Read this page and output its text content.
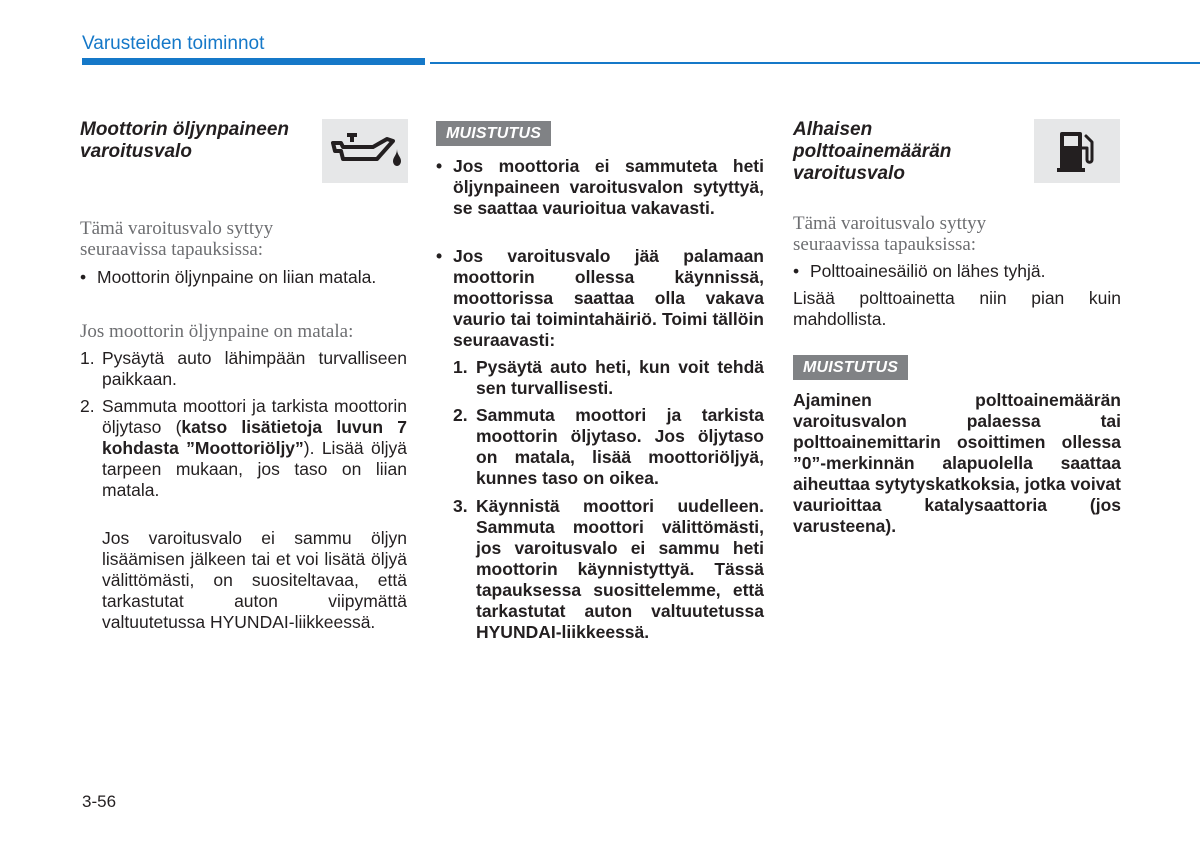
Varusteiden toiminnot
Moottorin öljynpaineen
varoitusvalo
Tämä varoitusvalo syttyy
seuraavissa tapauksissa:
• Moottorin öljynpaine on liian matala.
Jos moottorin öljynpaine on matala:
1. Pysäytä auto lähimpään turvalliseen paikkaan.
2. Sammuta moottori ja tarkista moottorin öljytaso (katso lisätietoja luvun 7 kohdasta ”Moottoriöljy”). Lisää öljyä tarpeen mukaan, jos taso on liian matala.
Jos varoitusvalo ei sammu öljyn lisäämisen jälkeen tai et voi lisätä öljyä välittömästi, on suositeltavaa, että tarkastutat auton viipymättä valtuutetussa HYUNDAI-liikkeessä.
MUISTUTUS
• Jos moottoria ei sammuteta heti öljynpaineen varoitusvalon sytyttyä, se saattaa vaurioitua vakavasti.
• Jos varoitusvalo jää palamaan moottorin ollessa käynnissä, moottorissa saattaa olla vakava vaurio tai toimintahäiriö. Toimi tällöin seuraavasti:
1. Pysäytä auto heti, kun voit tehdä sen turvallisesti.
2. Sammuta moottori ja tarkista moottorin öljytaso. Jos öljytaso on matala, lisää moottoriöljyä, kunnes taso on oikea.
3. Käynnistä moottori uudelleen. Sammuta moottori välittömästi, jos varoitusvalo ei sammu heti moottorin käynnistyttyä. Tässä tapauksessa suosittelemme, että tarkastutat auton valtuutetussa HYUNDAI-liikkeessä.
Alhaisen
polttoainemäärän
varoitusvalo
Tämä varoitusvalo syttyy
seuraavissa tapauksissa:
• Polttoainesäiliö on lähes tyhjä.
Lisää polttoainetta niin pian kuin mahdollista.
MUISTUTUS
Ajaminen polttoainemäärän varoitusvalon palaessa tai polttoainemittarin osoittimen ollessa ”0”-merkinnän alapuolella saattaa aiheuttaa sytytyskatkoksia, jotka voivat vaurioittaa katalysaattoria (jos varusteena).
3-56
